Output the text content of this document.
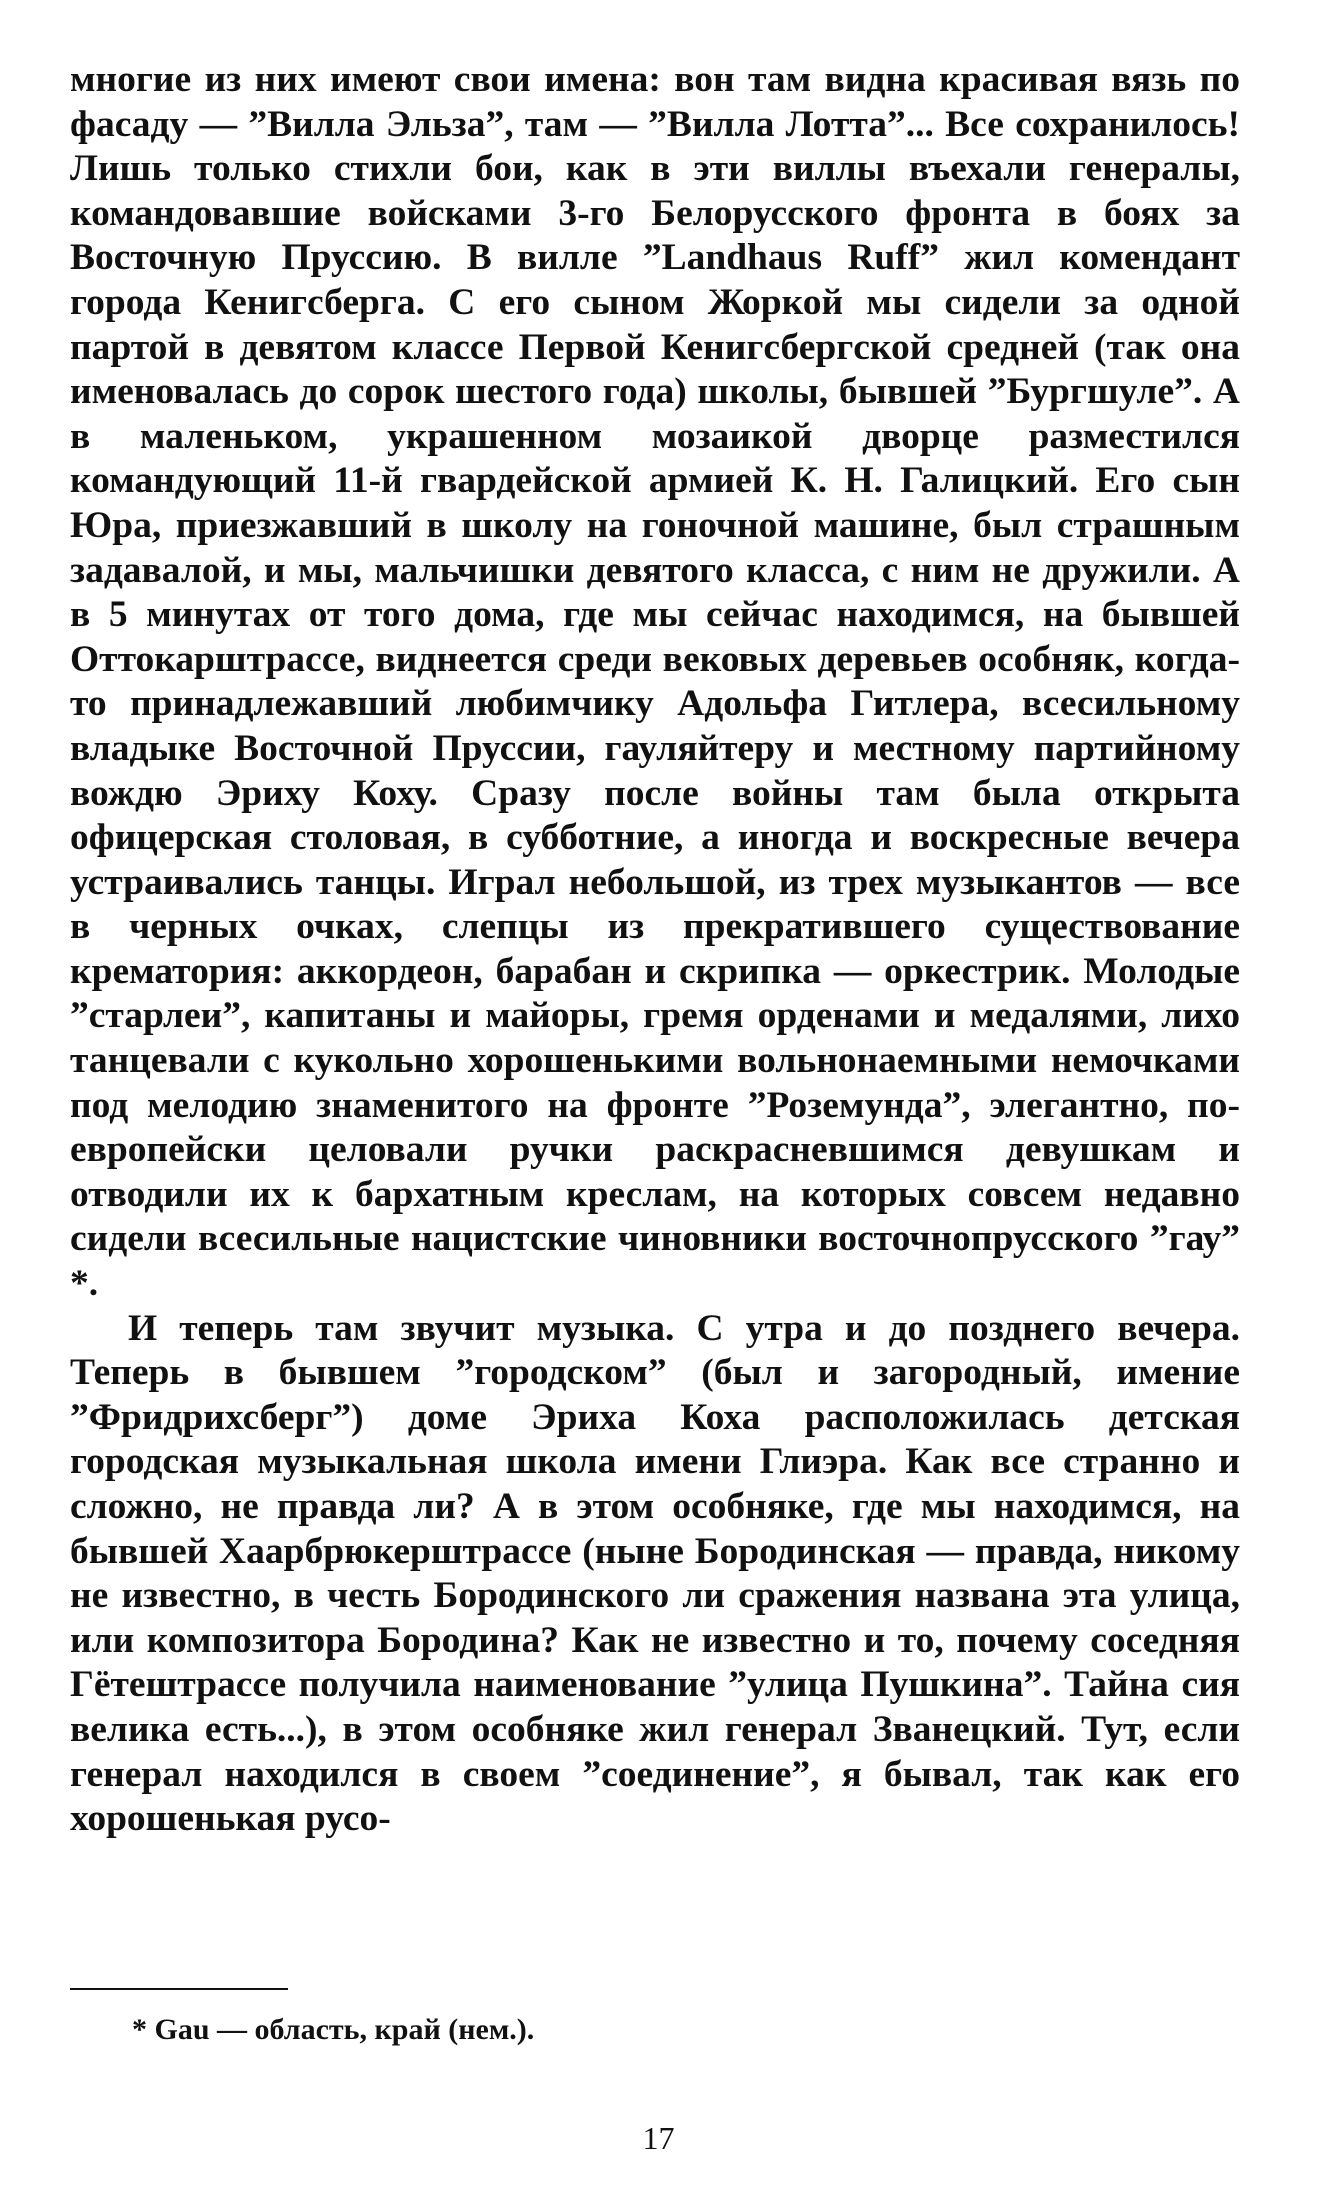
многие из них имеют свои имена: вон там видна красивая вязь по фасаду — ”Вилла Эльза”, там — ”Вилла Лотта”... Все сохранилось! Лишь только стихли бои, как в эти виллы въехали генералы, командовавшие войсками 3-го Белорусского фронта в боях за Восточную Пруссию. В вилле ”Landhaus Ruff” жил комендант города Кенигсберга. С его сыном Жоркой мы сидели за одной партой в девятом классе Первой Кенигсбергской средней (так она именовалась до сорок шестого года) школы, бывшей ”Бургшуле”. А в маленьком, украшенном мозаикой дворце разместился командующий 11-й гвардейской армией К. Н. Галицкий. Его сын Юра, приезжавший в школу на гоночной машине, был страшным задавалой, и мы, мальчишки девятого класса, с ним не дружили. А в 5 минутах от того дома, где мы сейчас находимся, на бывшей Оттокарштрассе, виднеется среди вековых деревьев особняк, когда-то принадлежавший любимчику Адольфа Гитлера, всесильному владыке Восточной Пруссии, гауляйтеру и местному партийному вождю Эриху Коху. Сразу после войны там была открыта офицерская столовая, в субботние, а иногда и воскресные вечера устраивались танцы. Играл небольшой, из трех музыкантов — все в черных очках, слепцы из прекратившего существование крематория: аккордеон, барабан и скрипка — оркестрик. Молодые ”старлеи”, капитаны и майоры, гремя орденами и медалями, лихо танцевали с кукольно хорошенькими вольнонаемными немочками под мелодию знаменитого на фронте ”Роземунда”, элегантно, по-европейски целовали ручки раскрасневшимся девушкам и отводили их к бархатным креслам, на которых совсем недавно сидели всесильные нацистские чиновники восточнопрусского ”гау” *.

И теперь там звучит музыка. С утра и до позднего вечера. Теперь в бывшем ”городском” (был и загородный, имение ”Фридрихсберг”) доме Эриха Коха расположилась детская городская музыкальная школа имени Глиэра. Как все странно и сложно, не правда ли? А в этом особняке, где мы находимся, на бывшей Хаарбрюкерштрассе (ныне Бородинская — правда, никому не известно, в честь Бородинского ли сражения названа эта улица, или композитора Бородина? Как не известно и то, почему соседняя Гётештрассе получила наименование ”улица Пушкина”. Тайна сия велика есть...), в этом особняке жил генерал Званецкий. Тут, если генерал находился в своем ”соединение”, я бывал, так как его хорошенькая русо-

* Gau — область, край (нем.).
17
